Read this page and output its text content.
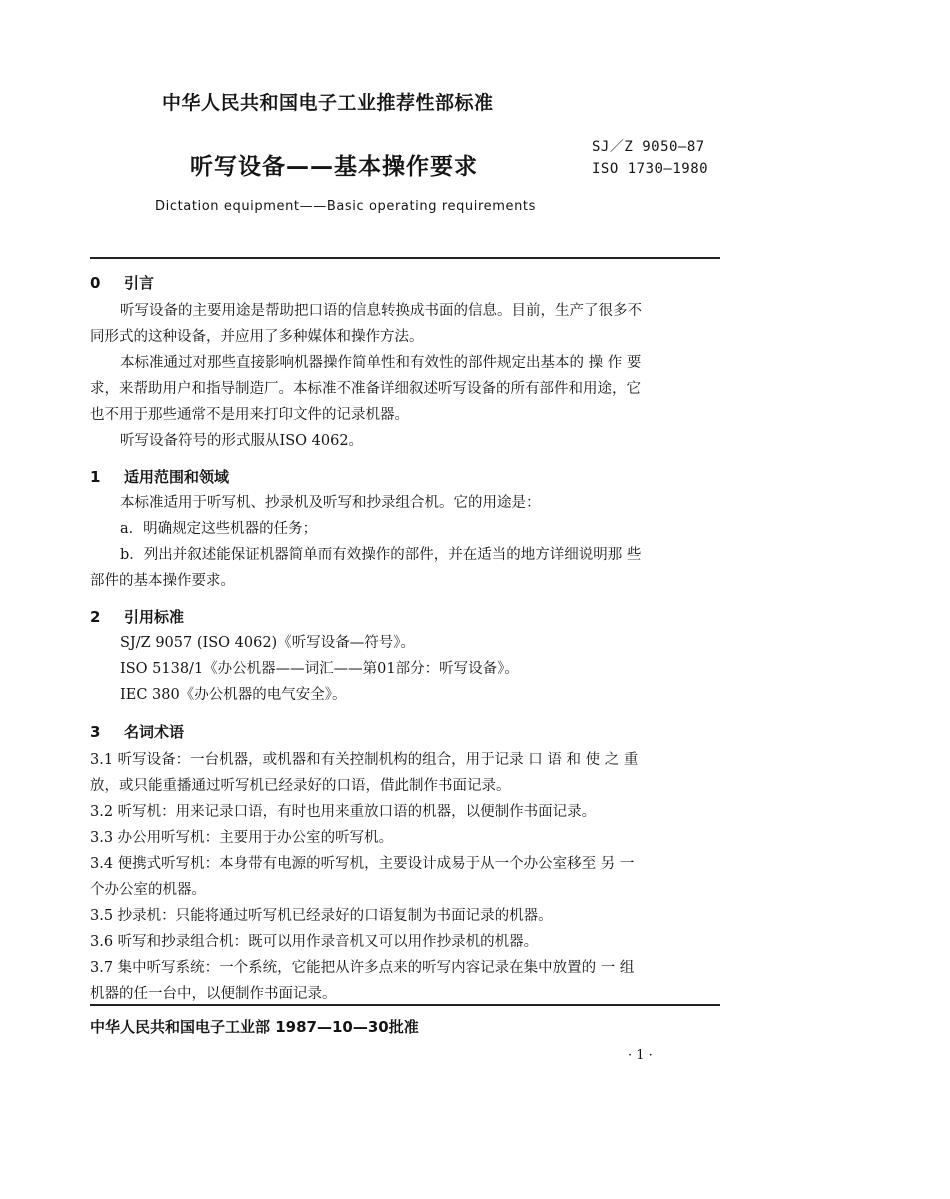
中华人民共和国电子工业推荐性部标准
SJ／Z 9050—87
ISO 1730—1980
听写设备——基本操作要求
Dictation equipment——Basic operating requirements
0 引言
听写设备的主要用途是帮助把口语的信息转换成书面的信息。目前，生产了很多不
同形式的这种设备，并应用了多种媒体和操作方法。
本标准通过对那些直接影响机器操作简单性和有效性的部件规定出基本的 操 作 要
求，来帮助用户和指导制造厂。本标准不准备详细叙述听写设备的所有部件和用途，它
也不用于那些通常不是用来打印文件的记录机器。
听写设备符号的形式服从ISO 4062。
1 适用范围和领域
本标准适用于听写机、抄录机及听写和抄录组合机。它的用途是：
a．明确规定这些机器的任务；
b．列出并叙述能保证机器简单而有效操作的部件，并在适当的地方详细说明那 些
部件的基本操作要求。
2 引用标准
SJ/Z 9057 (ISO 4062)《听写设备—符号》。
ISO 5138/1《办公机器——词汇——第01部分：听写设备》。
IEC 380《办公机器的电气安全》。
3 名词术语
3.1 听写设备：一台机器，或机器和有关控制机构的组合，用于记录 口 语 和 使 之 重
放，或只能重播通过听写机已经录好的口语，借此制作书面记录。
3.2 听写机：用来记录口语，有时也用来重放口语的机器，以便制作书面记录。
3.3 办公用听写机：主要用于办公室的听写机。
3.4 便携式听写机：本身带有电源的听写机，主要设计成易于从一个办公室移至 另 一
个办公室的机器。
3.5 抄录机：只能将通过听写机已经录好的口语复制为书面记录的机器。
3.6 听写和抄录组合机：既可以用作录音机又可以用作抄录机的机器。
3.7 集中听写系统：一个系统，它能把从许多点来的听写内容记录在集中放置的 一 组
机器的任一台中，以便制作书面记录。
中华人民共和国电子工业部 1987—10—30批准
· 1 ·
